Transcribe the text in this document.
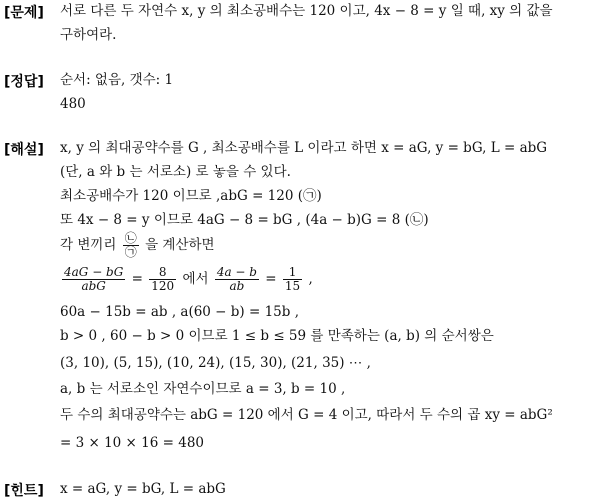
[문제]
[정답]
[해설]
[힌트]
서로 다른 두 자연수 x, y 의 최소공배수는 120 이고, 4x − 8 = y 일 때, xy 의 값을
구하여라.
순서: 없음, 갯수: 1
480
x, y 의 최대공약수를 G , 최소공배수를 L 이라고 하면 x = aG, y = bG, L = abG
(단, a 와 b 는 서로소) 로 놓을 수 있다.
최소공배수가 120 이므로 ,abG = 120 (㉠)
또 4x − 8 = y 이므로 4aG − 8 = bG , (4a − b)G = 8 (㉡)
각 변끼리 $\frac{㉡}{㉠}$ 을 계산하면
$\frac{4aG - bG}{\text{abG}} = \frac{8}{120}$ 에서 $\frac{4a - b}{ab} = \frac{1}{15}$ ,
60a − 15b = ab , a(60 − b) = 15b ,
b > 0 , 60 − b > 0 이므로 1 ≤ b ≤ 59 를 만족하는 (a, b) 의 순서쌍은
(3, 10), (5, 15), (10, 24), (15, 30), (21, 35) ⋯ ,
a, b 는 서로소인 자연수이므로 a = 3, b = 10 ,
두 수의 최대공약수는 abG = 120 에서 G = 4 이고, 따라서 두 수의 곱 xy = abG²
= 3 × 10 × 16 = 480
x = aG, y = bG, L = abG
